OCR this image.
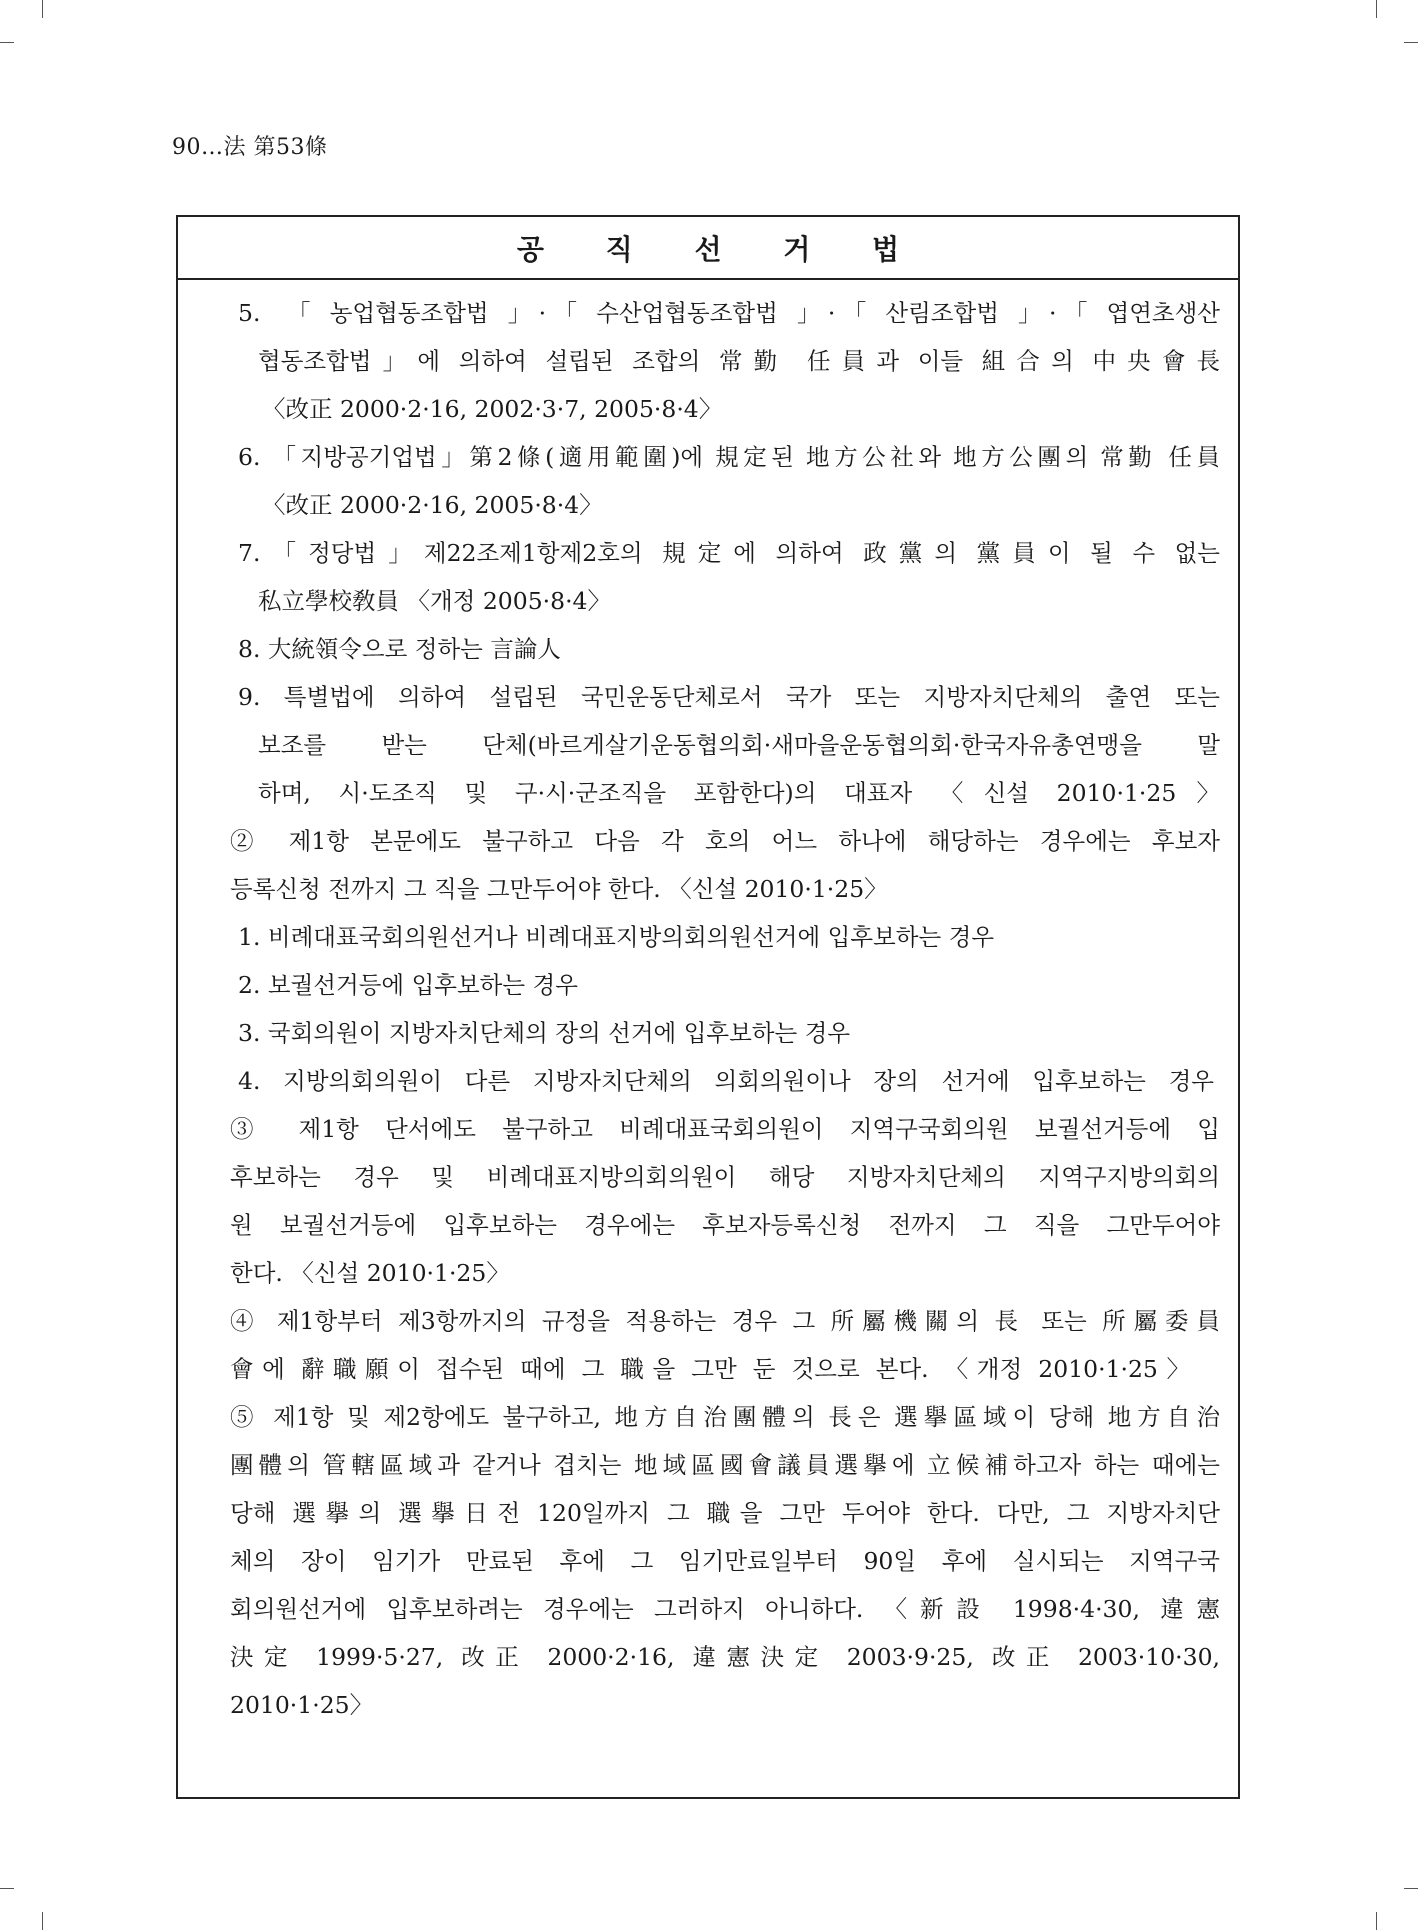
90…法 第53條
공 직 선 거 법
5. 「농업협동조합법」·「수산업협동조합법」·「산림조합법」·「엽연초생산
협동조합법」에 의하여 설립된 조합의 常勤 任員과 이들 組合의 中央會長
〈改正 2000·2·16, 2002·3·7, 2005·8·4〉
6. 「지방공기업법」第2條(適用範圍)에 規定된 地方公社와 地方公團의 常勤 任員
〈改正 2000·2·16, 2005·8·4〉
7.「정당법」제22조제1항제2호의 規定에 의하여 政黨의 黨員이 될 수 없는
私立學校敎員 〈개정 2005·8·4〉
8. 大統領令으로 정하는 言論人
9. 특별법에 의하여 설립된 국민운동단체로서 국가 또는 지방자치단체의 출연 또는
보조를 받는 단체(바르게살기운동협의회·새마을운동협의회·한국자유총연맹을 말
하며, 시·도조직 및 구·시·군조직을 포함한다)의 대표자 〈신설 2010·1·25〉
② 제1항 본문에도 불구하고 다음 각 호의 어느 하나에 해당하는 경우에는 후보자
등록신청 전까지 그 직을 그만두어야 한다. 〈신설 2010·1·25〉
1. 비례대표국회의원선거나 비례대표지방의회의원선거에 입후보하는 경우
2. 보궐선거등에 입후보하는 경우
3. 국회의원이 지방자치단체의 장의 선거에 입후보하는 경우
4. 지방의회의원이 다른 지방자치단체의 의회의원이나 장의 선거에 입후보하는 경우
③ 제1항 단서에도 불구하고 비례대표국회의원이 지역구국회의원 보궐선거등에 입
후보하는 경우 및 비례대표지방의회의원이 해당 지방자치단체의 지역구지방의회의
원 보궐선거등에 입후보하는 경우에는 후보자등록신청 전까지 그 직을 그만두어야
한다. 〈신설 2010·1·25〉
④ 제1항부터 제3항까지의 규정을 적용하는 경우 그 所屬機關의 長 또는 所屬委員
會에 辭職願이 접수된 때에 그 職을 그만 둔 것으로 본다. 〈개정 2010·1·25〉
⑤ 제1항 및 제2항에도 불구하고, 地方自治團體의 長은 選擧區域이 당해 地方自治
團體의 管轄區域과 같거나 겹치는 地域區國會議員選擧에 立候補하고자 하는 때에는
당해 選擧의 選擧日전 120일까지 그 職을 그만 두어야 한다. 다만, 그 지방자치단
체의 장이 임기가 만료된 후에 그 임기만료일부터 90일 후에 실시되는 지역구국
회의원선거에 입후보하려는 경우에는 그러하지 아니하다. 〈新設 1998·4·30, 違憲
決定 1999·5·27, 改正 2000·2·16, 違憲決定 2003·9·25, 改正 2003·10·30,
2010·1·25〉
